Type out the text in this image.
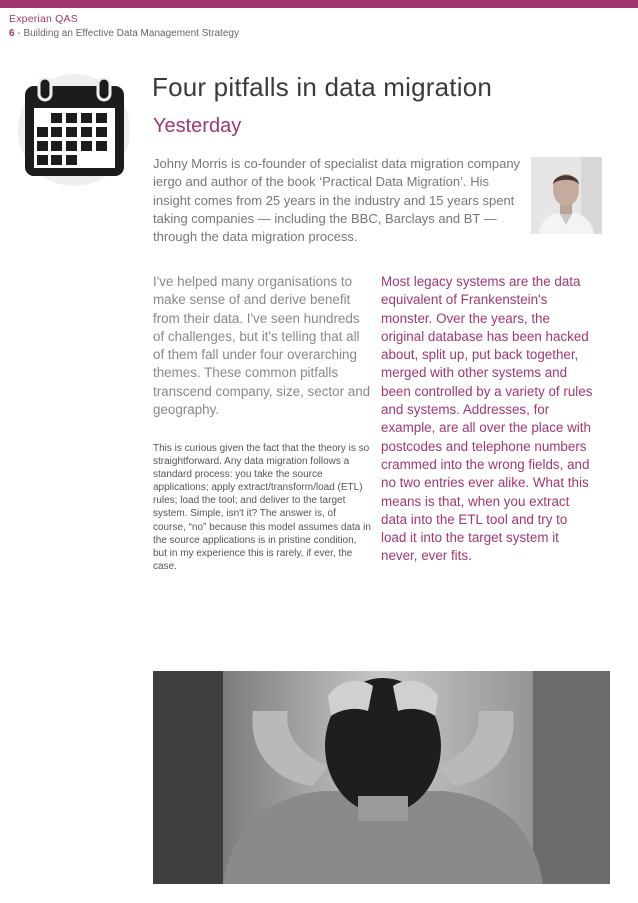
Experian QAS
6 - Building an Effective Data Management Strategy
Four pitfalls in data migration
Yesterday
Johny Morris is co-founder of specialist data migration company iergo and author of the book ‘Practical Data Migration’. His insight comes from 25 years in the industry and 15 years spent taking companies — including the BBC, Barclays and BT — through the data migration process.
I've helped many organisations to make sense of and derive benefit from their data. I've seen hundreds of challenges, but it's telling that all of them fall under four overarching themes. These common pitfalls transcend company, size, sector and geography.
This is curious given the fact that the theory is so straightforward. Any data migration follows a standard process: you take the source applications; apply extract/transform/load (ETL) rules; load the tool; and deliver to the target system. Simple, isn't it? The answer is, of course, “no” because this model assumes data in the source applications is in pristine condition, but in my experience this is rarely, if ever, the case.
Most legacy systems are the data equivalent of Frankenstein's monster. Over the years, the original database has been hacked about, split up, put back together, merged with other systems and been controlled by a variety of rules and systems. Addresses, for example, are all over the place with postcodes and telephone numbers crammed into the wrong fields, and no two entries ever alike. What this means is that, when you extract data into the ETL tool and try to load it into the target system it never, ever fits.
